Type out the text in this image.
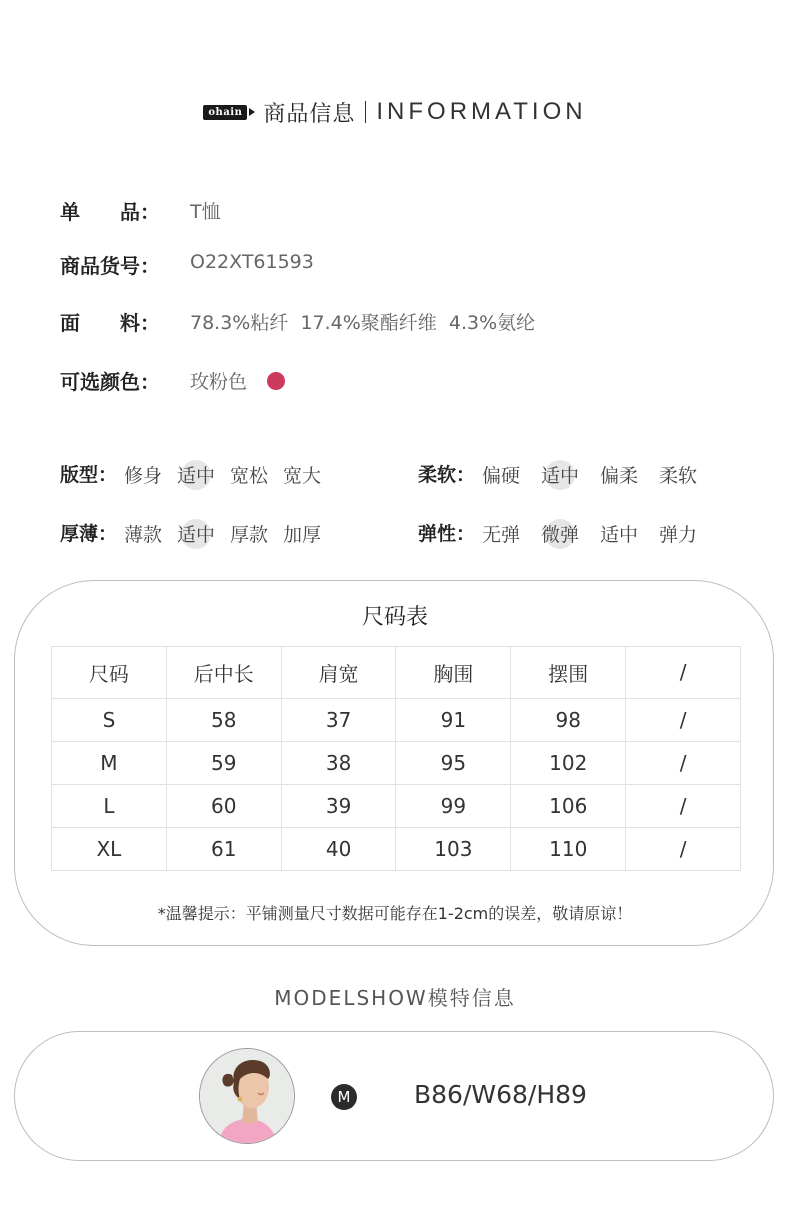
ohain 商品信息 INFORMATION
单　　品： T恤
商品货号： O22XT61593
面　　料： 78.3%粘纤  17.4%聚酯纤维  4.3%氨纶
可选颜色： 玫粉色
版型： 修身 适中 宽松 宽大	柔软： 偏硬 适中 偏柔 柔软
厚薄： 薄款 适中 厚款 加厚	弹性： 无弹 微弹 适中 弹力
尺码表
尺码	后中长	肩宽	胸围	摆围	/
S	58	37	91	98	/
M	59	38	95	102	/
L	60	39	99	106	/
XL	61	40	103	110	/
*温馨提示：平铺测量尺寸数据可能存在1-2cm的误差，敬请原谅！
MODELSHOW模特信息
M	B86/W68/H89
